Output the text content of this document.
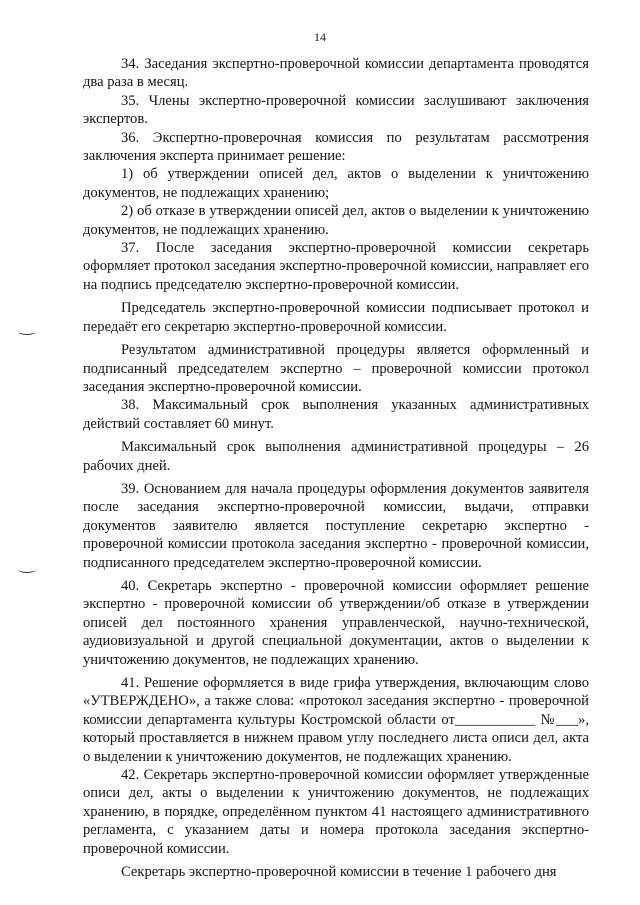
14

34. Заседания экспертно-проверочной комиссии департамента проводятся два раза в месяц.

35. Члены экспертно-проверочной комиссии заслушивают заключения экспертов.

36. Экспертно-проверочная комиссия по результатам рассмотрения заключения эксперта принимает решение:

1) об утверждении описей дел, актов о выделении к уничтожению документов, не подлежащих хранению;

2) об отказе в утверждении описей дел, актов о выделении к уничтожению документов, не подлежащих хранению.

37. После заседания экспертно-проверочной комиссии секретарь оформляет протокол заседания экспертно-проверочной комиссии, направляет его на подпись председателю экспертно-проверочной комиссии.

Председатель экспертно-проверочной комиссии подписывает протокол и передаёт его секретарю экспертно-проверочной комиссии.

Результатом административной процедуры является оформленный и подписанный председателем экспертно – проверочной комиссии протокол заседания экспертно-проверочной комиссии.

38. Максимальный срок выполнения указанных административных действий составляет 60 минут.

Максимальный срок выполнения административной процедуры – 26 рабочих дней.

39. Основанием для начала процедуры оформления документов заявителя после заседания экспертно-проверочной комиссии, выдачи, отправки документов заявителю является поступление секретарю экспертно - проверочной комиссии протокола заседания экспертно - проверочной комиссии, подписанного председателем экспертно-проверочной комиссии.

40. Секретарь экспертно - проверочной комиссии оформляет решение экспертно - проверочной комиссии об утверждении/об отказе в утверждении описей дел постоянного хранения управленческой, научно-технической, аудиовизуальной и другой специальной документации, актов о выделении к уничтожению документов, не подлежащих хранению.

41. Решение оформляется в виде грифа утверждения, включающим слово «УТВЕРЖДЕНО», а также слова: «протокол заседания экспертно - проверочной комиссии департамента культуры Костромской области от___________ №___», который проставляется в нижнем правом углу последнего листа описи дел, акта о выделении к уничтожению документов, не подлежащих хранению.

42. Секретарь экспертно-проверочной комиссии оформляет утвержденные описи дел, акты о выделении к уничтожению документов, не подлежащих хранению, в порядке, определённом пунктом 41 настоящего административного регламента, с указанием даты и номера протокола заседания экспертно-проверочной комиссии.

Секретарь экспертно-проверочной комиссии в течение 1 рабочего дня
